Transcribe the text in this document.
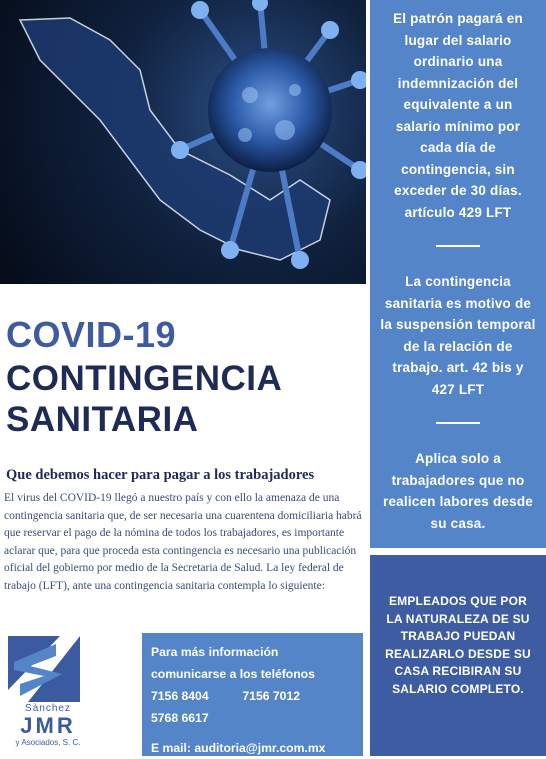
El patrón pagará en lugar del salario ordinario una indemnización del equivalente a un salario mínimo por cada día de contingencia, sin exceder de 30 días. artículo 429 LFT

La contingencia sanitaria es motivo de la suspensión temporal de la relación de trabajo. art. 42 bis y 427 LFT

Aplica solo a trabajadores que no realicen labores desde su casa.

EMPLEADOS QUE POR LA NATURALEZA DE SU TRABAJO PUEDAN REALIZARLO DESDE SU CASA RECIBIRAN SU SALARIO COMPLETO.

COVID-19
CONTINGENCIA
SANITARIA
Que debemos hacer para pagar a los trabajadores

El virus del COVID-19 llegó a nuestro país y con ello la amenaza de una contingencia sanitaria que, de ser necesaria una cuarentena domiciliaria habrá que reservar el pago de la nómina de todos los trabajadores, es importante aclarar que, para que proceda esta contingencia es necesario una publicación oficial del gobierno por medio de la Secretaria de Salud. La ley federal de trabajo (LFT), ante una contingencia sanitaria contempla lo siguiente:

Sànchez
JMR
y Asociados, S. C.
Para más información
comunicarse a los teléfonos
7156 8404	7156 7012
5768 6617
E mail: auditoria@jmr.com.mx
